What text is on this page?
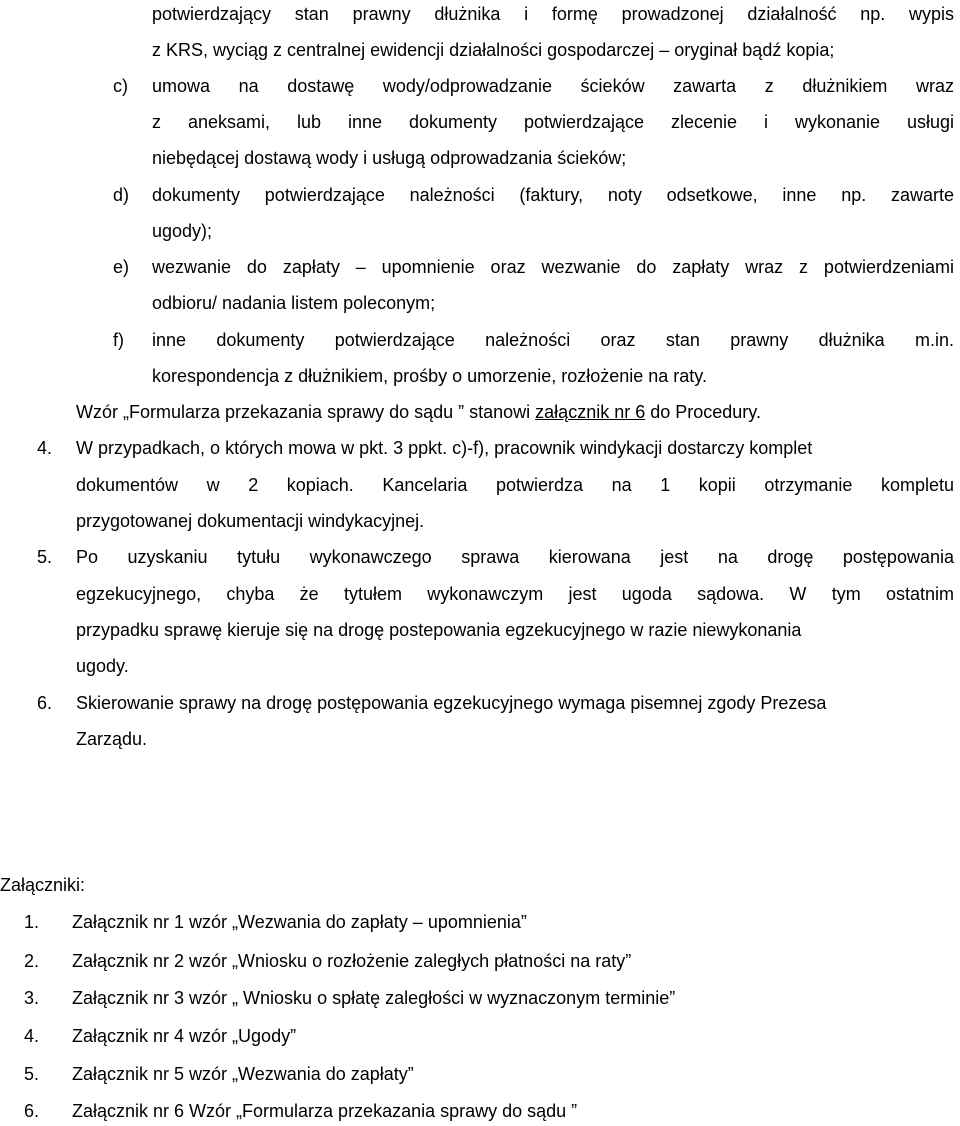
potwierdzający stan prawny dłużnika i formę prowadzonej działalność np. wypis
z KRS, wyciąg z centralnej ewidencji działalności gospodarczej – oryginał bądź kopia;
c) umowa na dostawę wody/odprowadzanie ścieków zawarta z dłużnikiem wraz
z aneksami, lub inne dokumenty potwierdzające zlecenie i wykonanie usługi
niebędącej dostawą wody i usługą odprowadzania ścieków;
d) dokumenty potwierdzające należności (faktury, noty odsetkowe, inne np. zawarte
ugody);
e) wezwanie do zapłaty – upomnienie oraz wezwanie do zapłaty wraz z potwierdzeniami
odbioru/ nadania listem poleconym;
f) inne dokumenty potwierdzające należności oraz stan prawny dłużnika m.in.
korespondencja z dłużnikiem, prośby o umorzenie, rozłożenie na raty.
Wzór „Formularza przekazania sprawy do sądu ” stanowi załącznik nr 6 do Procedury.
4. W przypadkach, o których mowa w pkt. 3 ppkt. c)-f), pracownik windykacji dostarczy komplet
dokumentów w 2 kopiach. Kancelaria potwierdza na 1 kopii otrzymanie kompletu
przygotowanej dokumentacji windykacyjnej.
5. Po uzyskaniu tytułu wykonawczego sprawa kierowana jest na drogę postępowania
egzekucyjnego, chyba że tytułem wykonawczym jest ugoda sądowa. W tym ostatnim
przypadku sprawę kieruje się na drogę postepowania egzekucyjnego w razie niewykonania
ugody.
6. Skierowanie sprawy na drogę postępowania egzekucyjnego wymaga pisemnej zgody Prezesa
Zarządu.
Załączniki:
1. Załącznik nr 1 wzór „Wezwania do zapłaty – upomnienia”
2. Załącznik nr 2 wzór „Wniosku o rozłożenie zaległych płatności na raty”
3. Załącznik nr 3 wzór „ Wniosku o spłatę zaległości w wyznaczonym terminie”
4. Załącznik nr 4 wzór „Ugody”
5. Załącznik nr 5 wzór „Wezwania do zapłaty”
6. Załącznik nr 6 Wzór „Formularza przekazania sprawy do sądu ”
